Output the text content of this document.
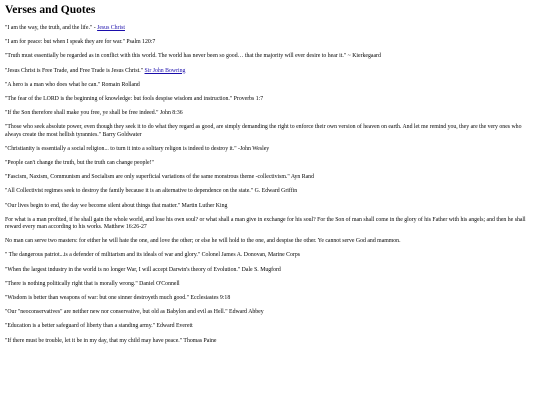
Verses and Quotes

"I am the way, the truth, and the life." - Jesus Christ

"I am for peace: but when I speak they are for war." Psalm 120:7

"Truth must essentially be regarded as in conflict with this world. The world has never been so good… that the majority will ever desire to hear it." ~ Kierkegaard

"Jesus Christ is Free Trade, and Free Trade is Jesus Christ." Sir John Bowring

"A hero is a man who does what he can." Romain Rolland

"The fear of the LORD is the beginning of knowledge: but fools despise wisdom and instruction." Proverbs 1:7

"If the Son therefore shall make you free, ye shall be free indeed." John 8:36

"Those who seek absolute power, even though they seek it to do what they regard as good, are simply demanding the right to enforce their own version of heaven on earth. And let me remind you, they are the very ones who always create the most hellish tyrannies." Barry Goldwater

"Christianity is essentially a social religion... to turn it into a solitary religon is indeed to destroy it." -John Wesley

"People can't change the truth, but the truth can change people!"

"Fascism, Naxism, Communism and Socialism are only superficial variations of the same monstrous theme -collectivism." Ayn Rand

"All Collectivist regimes seek to destroy the family because it is an alternative to dependence on the state." G. Edward Griffin

"Our lives begin to end, the day we become silent about things that matter." Martin Luther King

For what is a man profited, if he shall gain the whole world, and lose his own soul? or what shall a man give in exchange for his soul? For the Son of man shall come in the glory of his Father with his angels; and then he shall reward every man according to his works. Matthew 16:26-27

No man can serve two masters: for either he will hate the one, and love the other; or else he will hold to the one, and despise the other. Ye cannot serve God and mammon.

" The dangerous patriot...is a defender of militarism and its ideals of war and glory." Colonel James A. Donovan, Marine Corps

"When the largest industry in the world is no longer War, I will accept Darwin's theory of Evolution." Dale S. Mugford

"There is nothing politically right that is morally wrong." Daniel O'Connell

"Wisdom is better than weapons of war: but one sinner destroyeth much good." Ecclesiastes 9:18

"Our "neoconservatives" are neither new nor conservative, but old as Babylon and evil as Hell." Edward Abbey

"Education is a better safeguard of liberty than a standing army." Edward Everett

"If there must be trouble, let it be in my day, that my child may have peace." Thomas Paine
